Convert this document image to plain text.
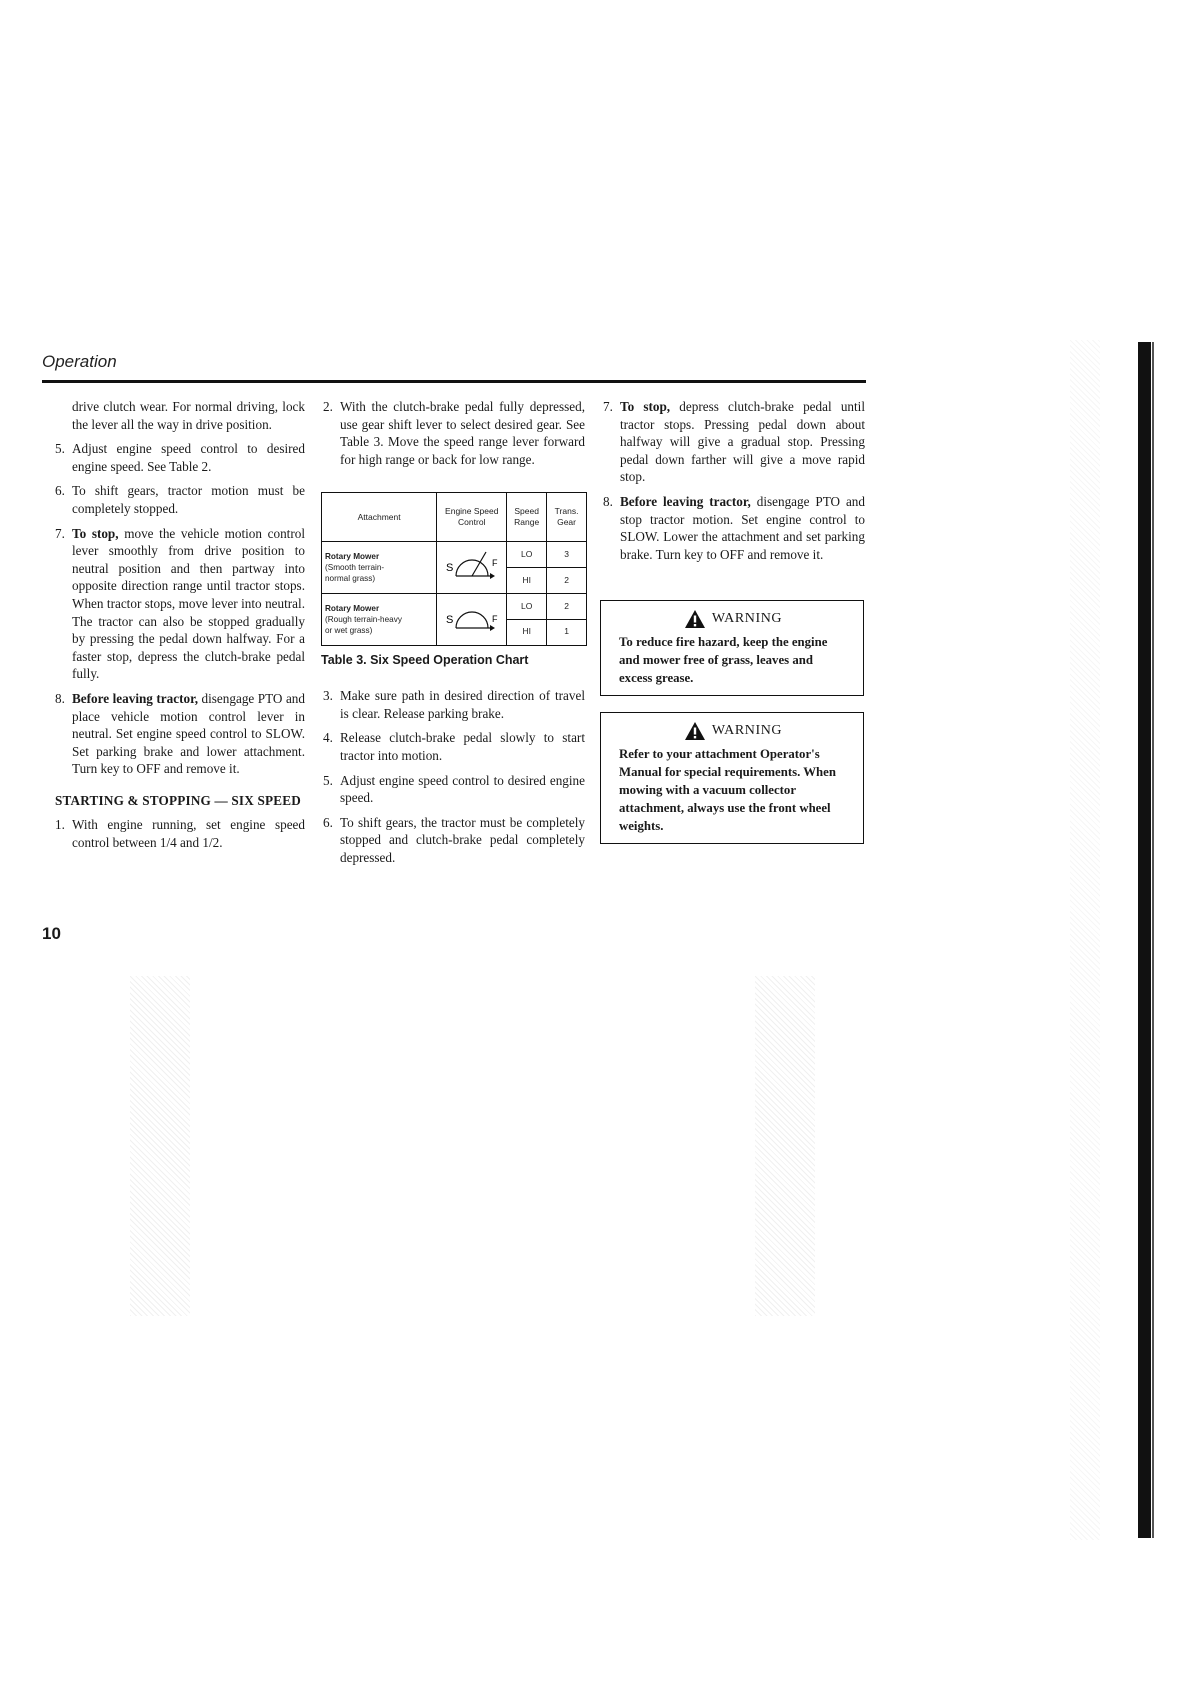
Operation

drive clutch wear. For normal driving, lock the lever all the way in drive position.

5. Adjust engine speed control to desired engine speed. See Table 2.
6. To shift gears, tractor motion must be completely stopped.
7. To stop, move the vehicle motion control lever smoothly from drive position to neutral position and then partway into opposite direction range until tractor stops. When tractor stops, move lever into neutral. The tractor can also be stopped gradually by pressing the pedal down halfway. For a faster stop, depress the clutch-brake pedal fully.
8. Before leaving tractor, disengage PTO and place vehicle motion control lever in neutral. Set engine speed control to SLOW. Set parking brake and lower attachment. Turn key to OFF and remove it.
STARTING & STOPPING — SIX SPEED
1. With engine running, set engine speed control between 1/4 and 1/2.
2. With the clutch-brake pedal fully depressed, use gear shift lever to select desired gear. See Table 3. Move the speed range lever forward for high range or back for low range.
Attachment	Engine Speed Control	Speed Range	Trans. Gear
Rotary Mower
(Smooth terrain-
normal grass)	S F	LO	3
		HI	2
Rotary Mower
(Rough terrain-heavy
or wet grass)	S F	LO	2
		HI	1
Table 3. Six Speed Operation Chart
3. Make sure path in desired direction of travel is clear. Release parking brake.
4. Release clutch-brake pedal slowly to start tractor into motion.
5. Adjust engine speed control to desired engine speed.
6. To shift gears, the tractor must be completely stopped and clutch-brake pedal completely depressed.
7. To stop, depress clutch-brake pedal until tractor stops. Pressing pedal down about halfway will give a gradual stop. Pressing pedal down farther will give a move rapid stop.
8. Before leaving tractor, disengage PTO and stop tractor motion. Set engine control to SLOW. Lower the attachment and set parking brake. Turn key to OFF and remove it.
WARNING
To reduce fire hazard, keep the engine and mower free of grass, leaves and excess grease.
WARNING
Refer to your attachment Operator's Manual for special requirements. When mowing with a vacuum collector attachment, always use the front wheel weights.
10
